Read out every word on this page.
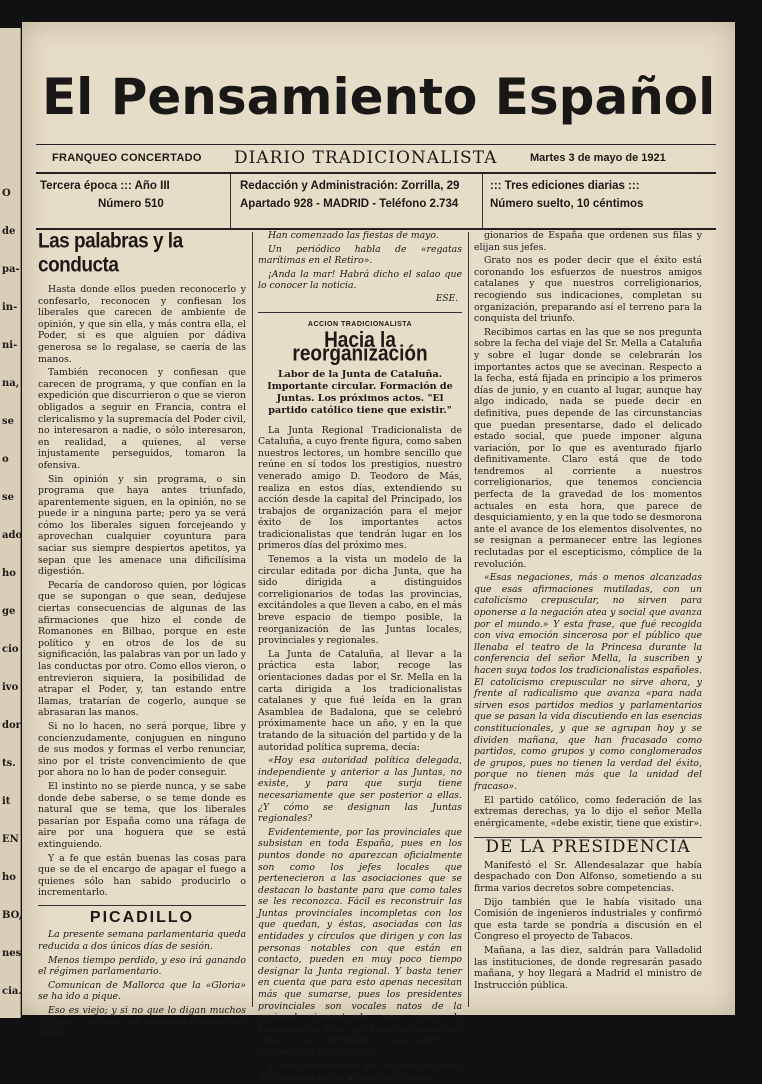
O
de
pa-
in-
ni-
na,
se
o
se
ado
ho
ge
cio
ivo
dor
ts.
it
EN
ho
BO,
nes
cia.
El Pensamiento Español
FRANQUEO CONCERTADO DIARIO TRADICIONALISTA	Martes 3 de mayo de 1921
Tercera época ::: Año III
Número 510
Redacción y Administración: Zorrilla, 29
Apartado 928 - MADRID - Teléfono 2.734
::: Tres ediciones diarias :::
Número suelto, 10 céntimos
Las palabras y la conducta

Hasta donde ellos pueden reconocerlo y confesarlo, reconocen y confiesan los liberales que carecen de ambiente de opinión, y que sin ella, y más contra ella, el Poder, si es que alguien por dádiva generosa se lo regalase, se caería de las manos.

También reconocen y confiesan que carecen de programa, y que confían en la expedición que discurrieron o que se vieron obligados a seguir en Francia, contra el clericalismo y la supremacía del Poder civil, no interesaron a nadie, o sólo interesaron, en realidad, a quienes, al verse injustamente perseguidos, tomaron la ofensiva.

Sin opinión y sin programa, o sin programa que haya antes triunfado, aparentemente siguen, en la opinión, no se puede ir a ninguna parte; pero ya se verá cómo los liberales siguen forcejeando y aprovechan cualquier coyuntura para saciar sus siempre despiertos apetitos, ya sepan que les amenace una dificilísima digestión.

Pecaría de candoroso quien, por lógicas que se supongan o que sean, dedujese ciertas consecuencias de algunas de las afirmaciones que hizo el conde de Romanones en Bilbao, porque en este político y en otros de los de su significación, las palabras van por un lado y las conductas por otro. Como ellos vieron, o entrevieron siquiera, la posibilidad de atrapar el Poder, y, tan estando entre llamas, tratarían de cogerlo, aunque se abrasaran las manos.

Si no lo hacen, no será porque, libre y concienzudamente, conjuguen en ninguno de sus modos y formas el verbo renunciar, sino por el triste convencimiento de que por ahora no lo han de poder conseguir.

El instinto no se pierde nunca, y se sabe donde debe saberse, o se teme donde es natural que se tema, que los liberales pasarían por España como una ráfaga de aire por una hoguera que se está extinguiendo.

Y a fe que están buenas las cosas para que se de el encargo de apagar el fuego a quienes sólo han sabido producirlo o incrementarlo.

PICADILLO

La presente semana parlamentaria queda reducida a dos únicos días de sesión.

Menos tiempo perdido, y eso irá ganando el régimen parlamentario.

Comunican de Mallorca que la «Gloria» se ha ido a pique.

Eso es viejo; y si no que lo digan muchos artistas y autores que duermen el sueño del olvido.

Han comenzado las fiestas de mayo.

Un periódico habla de «regatas marítimas en el Retiro».

¡Anda la mar! Habrá dicho el salao que lo conocer la noticia.

ESE.
ACCION TRADICIONALISTA
Hacia la reorganización
Labor de la Junta de Cataluña. Importante circular. Formación de Juntas. Los próximos actos. "El partido católico tiene que existir."

La Junta Regional Tradicionalista de Cataluña, a cuyo frente figura, como saben nuestros lectores, un hombre sencillo que reúne en sí todos los prestigios, nuestro venerado amigo D. Teodoro de Más, realiza en estos días, extendiendo su acción desde la capital del Principado, los trabajos de organización para el mejor éxito de los importantes actos tradicionalistas que tendrán lugar en los primeros días del próximo mes.

Tenemos a la vista un modelo de la circular editada por dicha Junta, que ha sido dirigida a distinguidos correligionarios de todas las provincias, excitándoles a que lleven a cabo, en el más breve espacio de tiempo posible, la reorganización de las Juntas locales, provinciales y regionales.

La Junta de Cataluña, al llevar a la práctica esta labor, recoge las orientaciones dadas por el Sr. Mella en la carta dirigida a los tradicionalistas catalanes y que fué leída en la gran Asamblea de Badalona, que se celebró próximamente hace un año, y en la que tratando de la situación del partido y de la autoridad política suprema, decía:

«Hoy esa autoridad política delegada, independiente y anterior a las Juntas, no existe, y para que surja tiene necesariamente que ser posterior a ellas. ¿Y cómo se designan las Juntas regionales?

Evidentemente, por las provinciales que subsistan en toda España, pues en los puntos donde no aparezcan oficialmente son como los jefes locales que pertenecieron a las asociaciones que se destacan lo bastante para que como tales se les reconozca. Fácil es reconstruir las Juntas provinciales incompletas con los que quedan, y éstas, asociadas con las entidades y círculos que dirigen y con las personas notables con que están en contacto, pueden en muy poco tiempo designar la Junta regional. Y basta tener en cuenta que para esto apenas necesitan más que sumarse, pues los presidentes provinciales son vocales natos de la regional, importando poco para la existencia de ésta que haya un presidente único o un Directorio o que ejerza la autoridad el más antiguo.»

Y comprendiéndolo así, la Junta regional de Cataluña invita a todos los correli-

gionarios de España que ordenen sus filas y elijan sus jefes.

Grato nos es poder decir que el éxito está coronando los esfuerzos de nuestros amigos catalanes y que nuestros correligionarios, recogiendo sus indicaciones, completan su organización, preparando así el terreno para la conquista del triunfo.

Recibimos cartas en las que se nos pregunta sobre la fecha del viaje del Sr. Mella a Cataluña y sobre el lugar donde se celebrarán los importantes actos que se avecinan. Respecto a la fecha, está fijada en principio a los primeros días de junio, y en cuanto al lugar, aunque hay algo indicado, nada se puede decir en definitiva, pues depende de las circunstancias que puedan presentarse, dado el delicado estado social, que puede imponer alguna variación, por lo que es aventurado fijarlo definitivamente. Claro está que de todo tendremos al corriente a nuestros correligionarios, que tenemos conciencia perfecta de la gravedad de los momentos actuales en esta hora, que parece de desquiciamiento, y en la que todo se desmorona ante el avance de los elementos disolventes, no se resignan a permanecer entre las legiones reclutadas por el escepticismo, cómplice de la revolución.

«Esas negaciones, más o menos alcanzadas que esas afirmaciones mutiladas, con un catolicismo crepuscular, no sirven para oponerse a la negación atea y social que avanza por el mundo.» Y esta frase, que fué recogida con viva emoción sincerosa por el público que llenaba el teatro de la Princesa durante la conferencia del señor Mella, la suscriben y hacen suya todos los tradicionalistas españoles. El catolicismo crepuscular no sirve ahora, y frente al radicalismo que avanza «para nada sirven esos partidos medios y parlamentarios que se pasan la vida discutiendo en las esencias constitucionales, y que se agrupan hoy y se dividen mañana, que han fracasado como partidos, como grupos y como conglomerados de grupos, pues no tienen la verdad del éxito, porque no tienen más que la unidad del fracaso».

El partido católico, como federación de las extremas derechas, ya lo dijo el señor Mella enérgicamente, «debe existir, tiene que existir».

DE LA PRESIDENCIA

Manifestó el Sr. Allendesalazar que había despachado con Don Alfonso, sometiendo a su firma varios decretos sobre competencias.

Dijo también que le había visitado una Comisión de ingenieros industriales y confirmó que esta tarde se pondría a discusión en el Congreso el proyecto de Tabacos.

Mañana, a las diez, saldrán para Valladolid las instituciones, de donde regresarán pasado mañana, y hoy llegará a Madrid el ministro de Instrucción pública.
